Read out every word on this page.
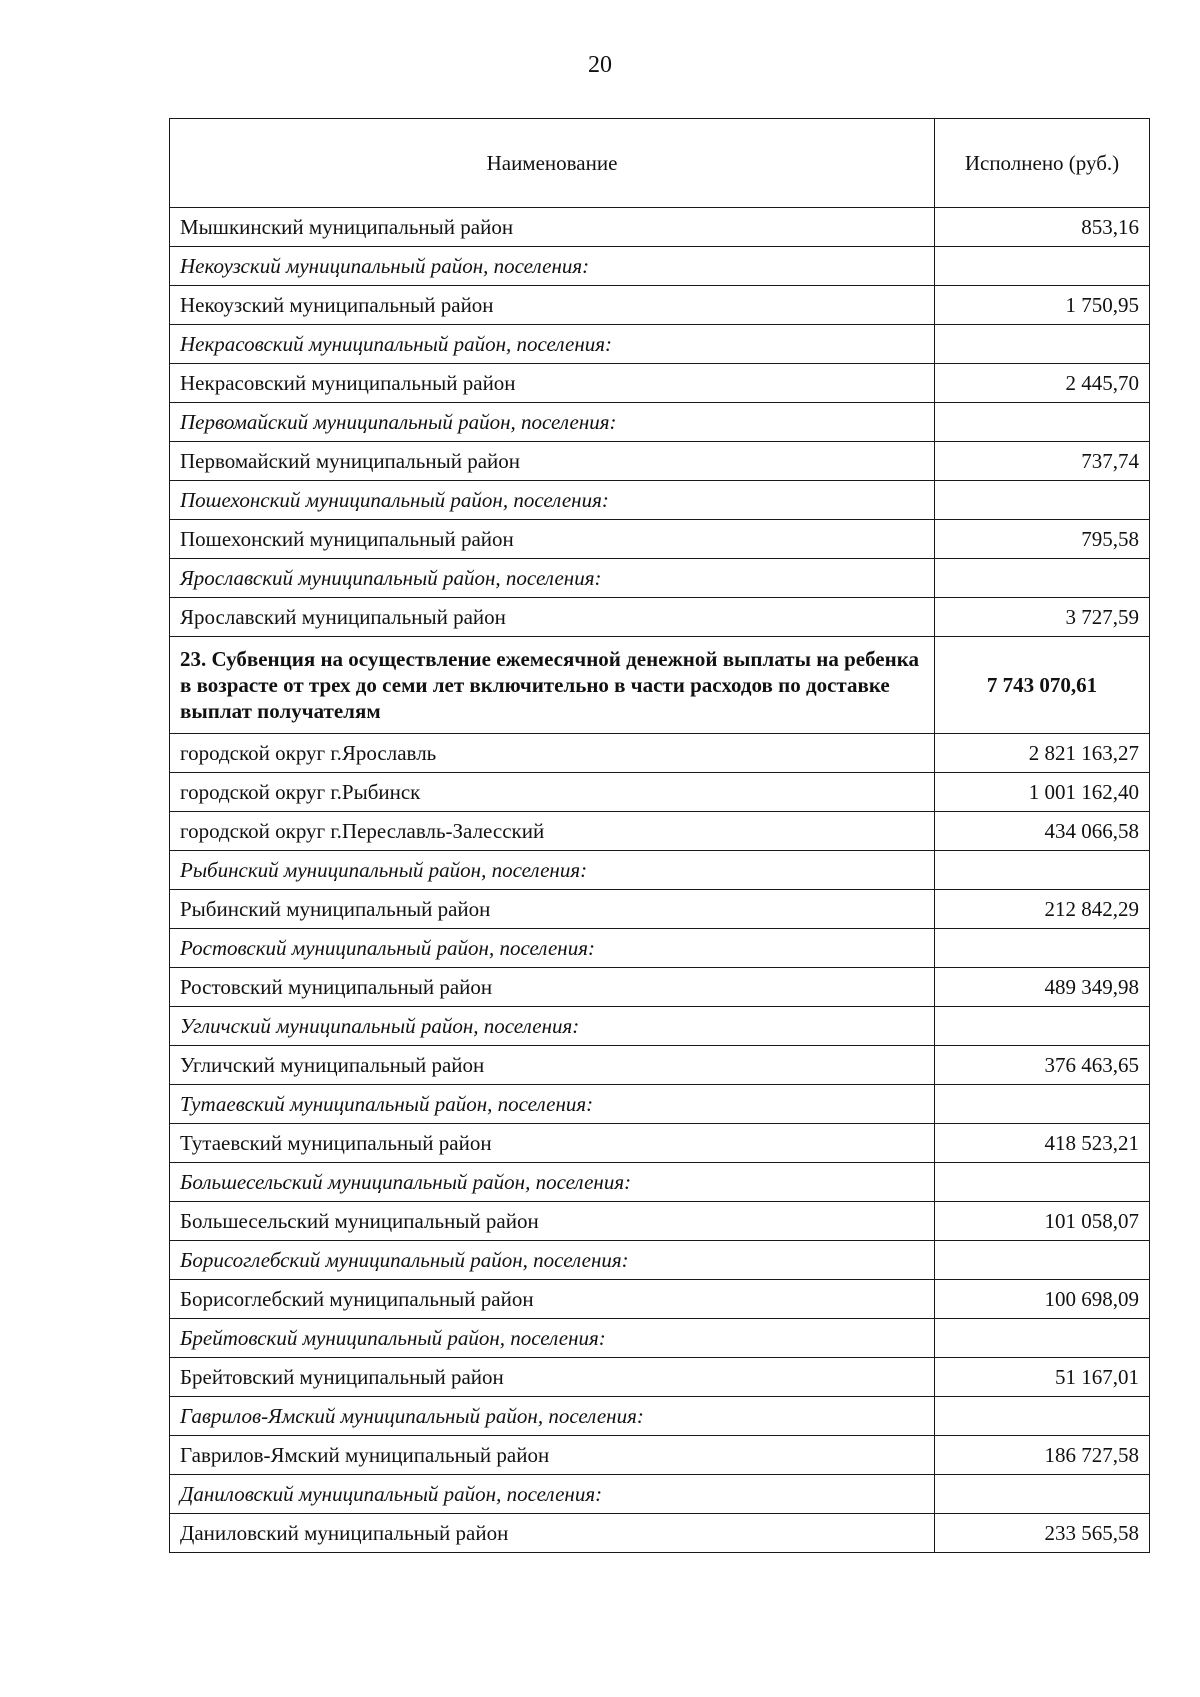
20
Наименование	Исполнено (руб.)
Мышкинский муниципальный район	853,16
Некоузский муниципальный район, поселения:	
Некоузский муниципальный район	1 750,95
Некрасовский муниципальный район, поселения:	
Некрасовский муниципальный район	2 445,70
Первомайский муниципальный район, поселения:	
Первомайский муниципальный район	737,74
Пошехонский муниципальный район, поселения:	
Пошехонский муниципальный район	795,58
Ярославский муниципальный район, поселения:	
Ярославский муниципальный район	3 727,59
23. Субвенция на осуществление ежемесячной денежной выплаты на ребенка в возрасте от трех до семи лет включительно в части расходов по доставке выплат получателям	7 743 070,61
городской округ г.Ярославль	2 821 163,27
городской округ г.Рыбинск	1 001 162,40
городской округ г.Переславль-Залесский	434 066,58
Рыбинский муниципальный район, поселения:	
Рыбинский муниципальный район	212 842,29
Ростовский муниципальный район, поселения:	
Ростовский муниципальный район	489 349,98
Угличский муниципальный район, поселения:	
Угличский муниципальный район	376 463,65
Тутаевский муниципальный район, поселения:	
Тутаевский муниципальный район	418 523,21
Большесельский муниципальный район, поселения:	
Большесельский муниципальный район	101 058,07
Борисоглебский муниципальный район, поселения:	
Борисоглебский муниципальный район	100 698,09
Брейтовский муниципальный район, поселения:	
Брейтовский муниципальный район	51 167,01
Гаврилов-Ямский муниципальный район, поселения:	
Гаврилов-Ямский муниципальный район	186 727,58
Даниловский муниципальный район, поселения:	
Даниловский муниципальный район	233 565,58
